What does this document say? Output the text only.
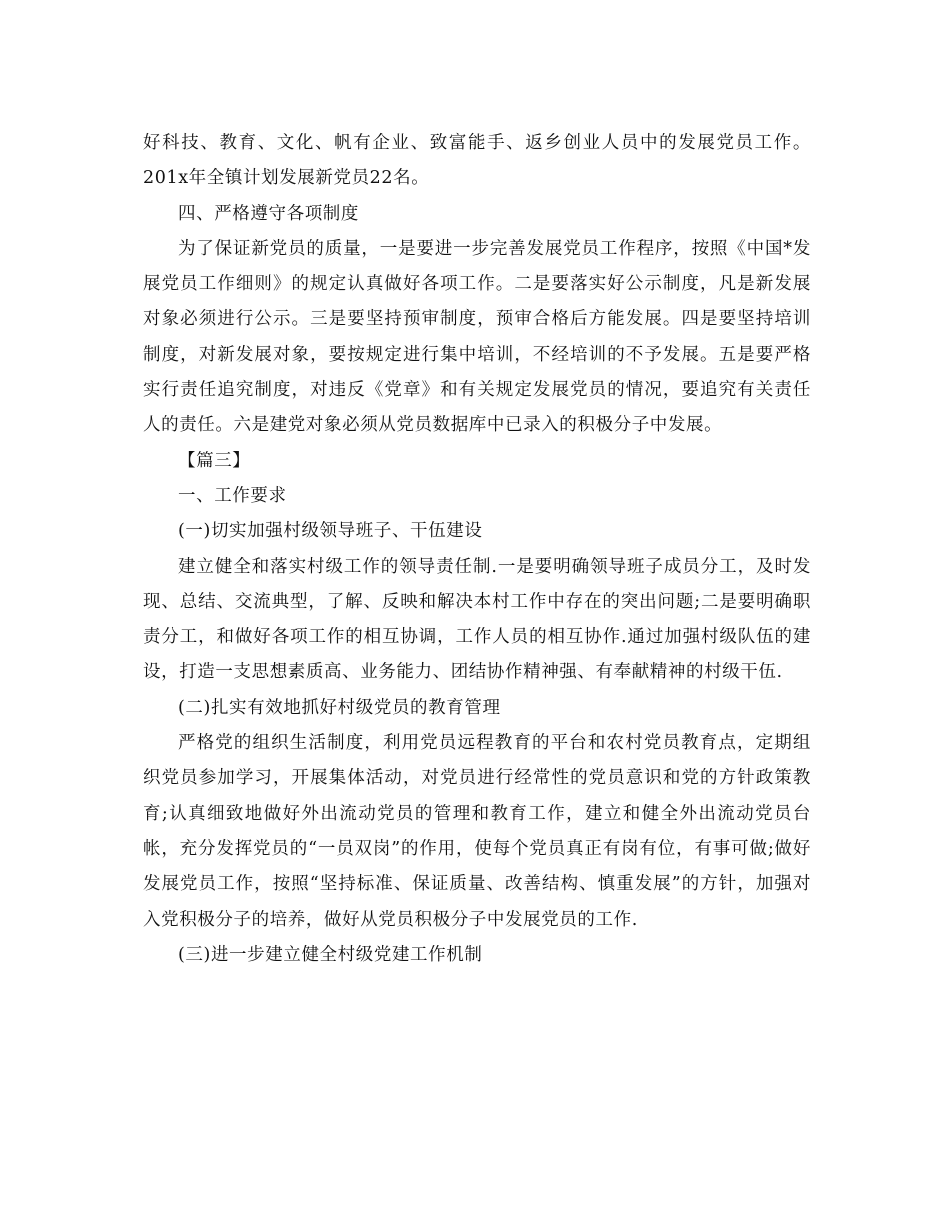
好科技、教育、文化、帆有企业、致富能手、返乡创业人员中的发展党员工作。201x年全镇计划发展新党员22名。

四、严格遵守各项制度

为了保证新党员的质量，一是要进一步完善发展党员工作程序，按照《中国*发展党员工作细则》的规定认真做好各项工作。二是要落实好公示制度，凡是新发展对象必须进行公示。三是要坚持预审制度，预审合格后方能发展。四是要坚持培训制度，对新发展对象，要按规定进行集中培训，不经培训的不予发展。五是要严格实行责任追究制度，对违反《党章》和有关规定发展党员的情况，要追究有关责任人的责任。六是建党对象必须从党员数据库中已录入的积极分子中发展。

【篇三】

一、工作要求

(一)切实加强村级领导班子、干伍建设

建立健全和落实村级工作的领导责任制.一是要明确领导班子成员分工，及时发现、总结、交流典型，了解、反映和解决本村工作中存在的突出问题;二是要明确职责分工，和做好各项工作的相互协调，工作人员的相互协作.通过加强村级队伍的建设，打造一支思想素质高、业务能力、团结协作精神强、有奉献精神的村级干伍.

(二)扎实有效地抓好村级党员的教育管理

严格党的组织生活制度，利用党员远程教育的平台和农村党员教育点，定期组织党员参加学习，开展集体活动，对党员进行经常性的党员意识和党的方针政策教育;认真细致地做好外出流动党员的管理和教育工作，建立和健全外出流动党员台帐，充分发挥党员的“一员双岗”的作用，使每个党员真正有岗有位，有事可做;做好发展党员工作，按照“坚持标准、保证质量、改善结构、慎重发展”的方针，加强对入党积极分子的培养，做好从党员积极分子中发展党员的工作.

(三)进一步建立健全村级党建工作机制
